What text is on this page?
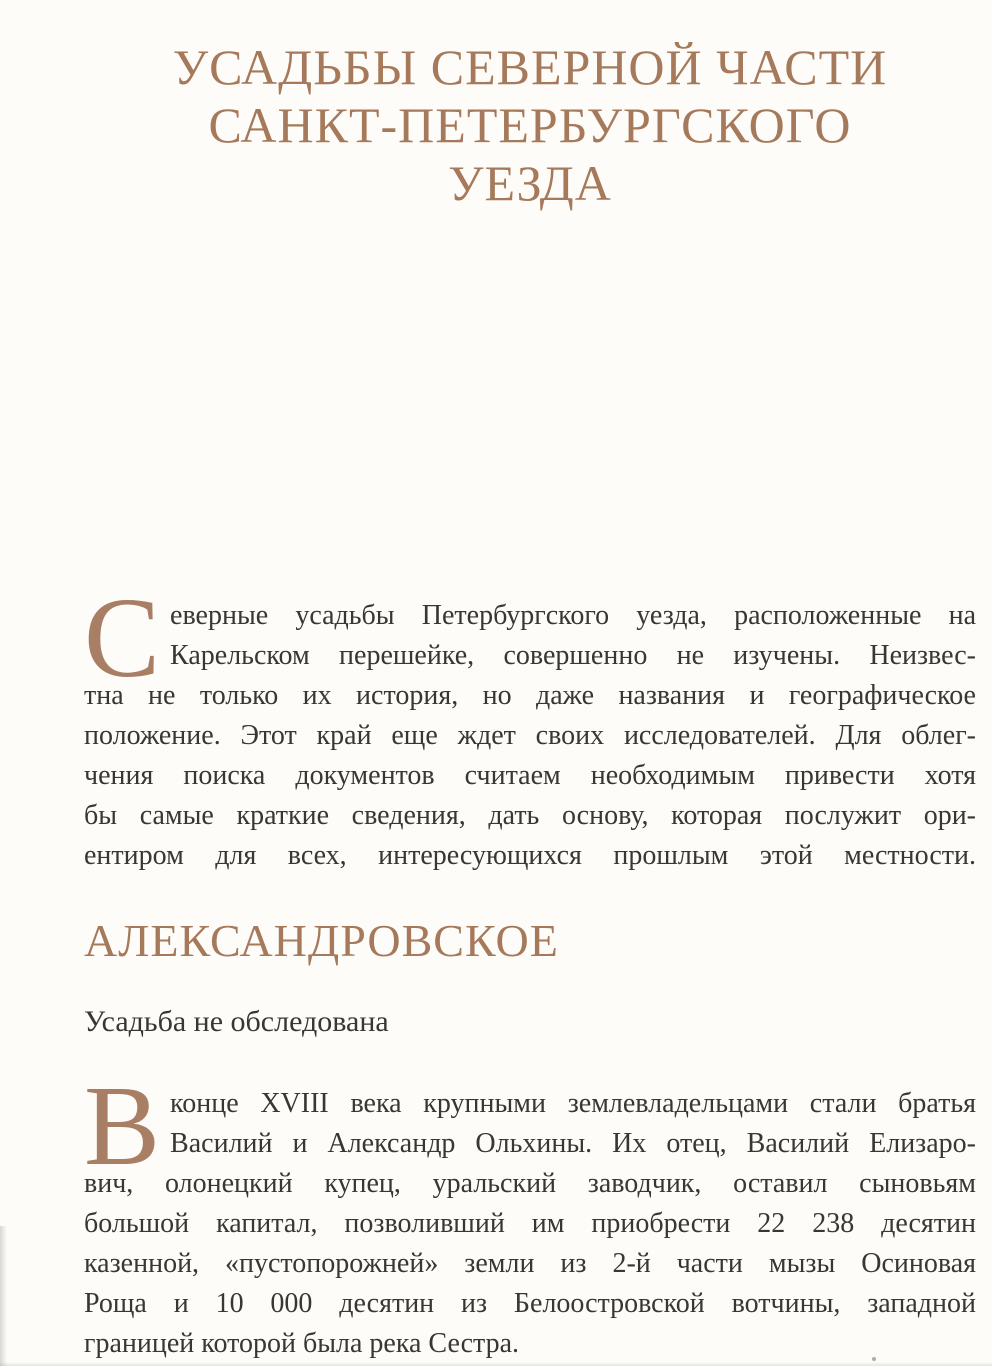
УСАДЬБЫ СЕВЕРНОЙ ЧАСТИ
САНКТ-ПЕТЕРБУРГСКОГО
УЕЗДА
С еверные усадьбы Петербургского уезда, расположенные на
Карельском перешейке, совершенно не изучены. Неизвес-
тна не только их история, но даже названия и географическое
положение. Этот край еще ждет своих исследователей. Для облег-
чения поиска документов считаем необходимым привести хотя
бы самые краткие сведения, дать основу, которая послужит ори-
ентиром для всех, интересующихся прошлым этой местности.
АЛЕКСАНДРОВСКОЕ
Усадьба не обследована
В конце XVIII века крупными землевладельцами стали братья
Василий и Александр Ольхины. Их отец, Василий Елизаро-
вич, олонецкий купец, уральский заводчик, оставил сыновьям
большой капитал, позволивший им приобрести 22 238 десятин
казенной, «пустопорожней» земли из 2-й части мызы Осиновая
Роща и 10 000 десятин из Белоостровской вотчины, западной
границей которой была река Сестра.
